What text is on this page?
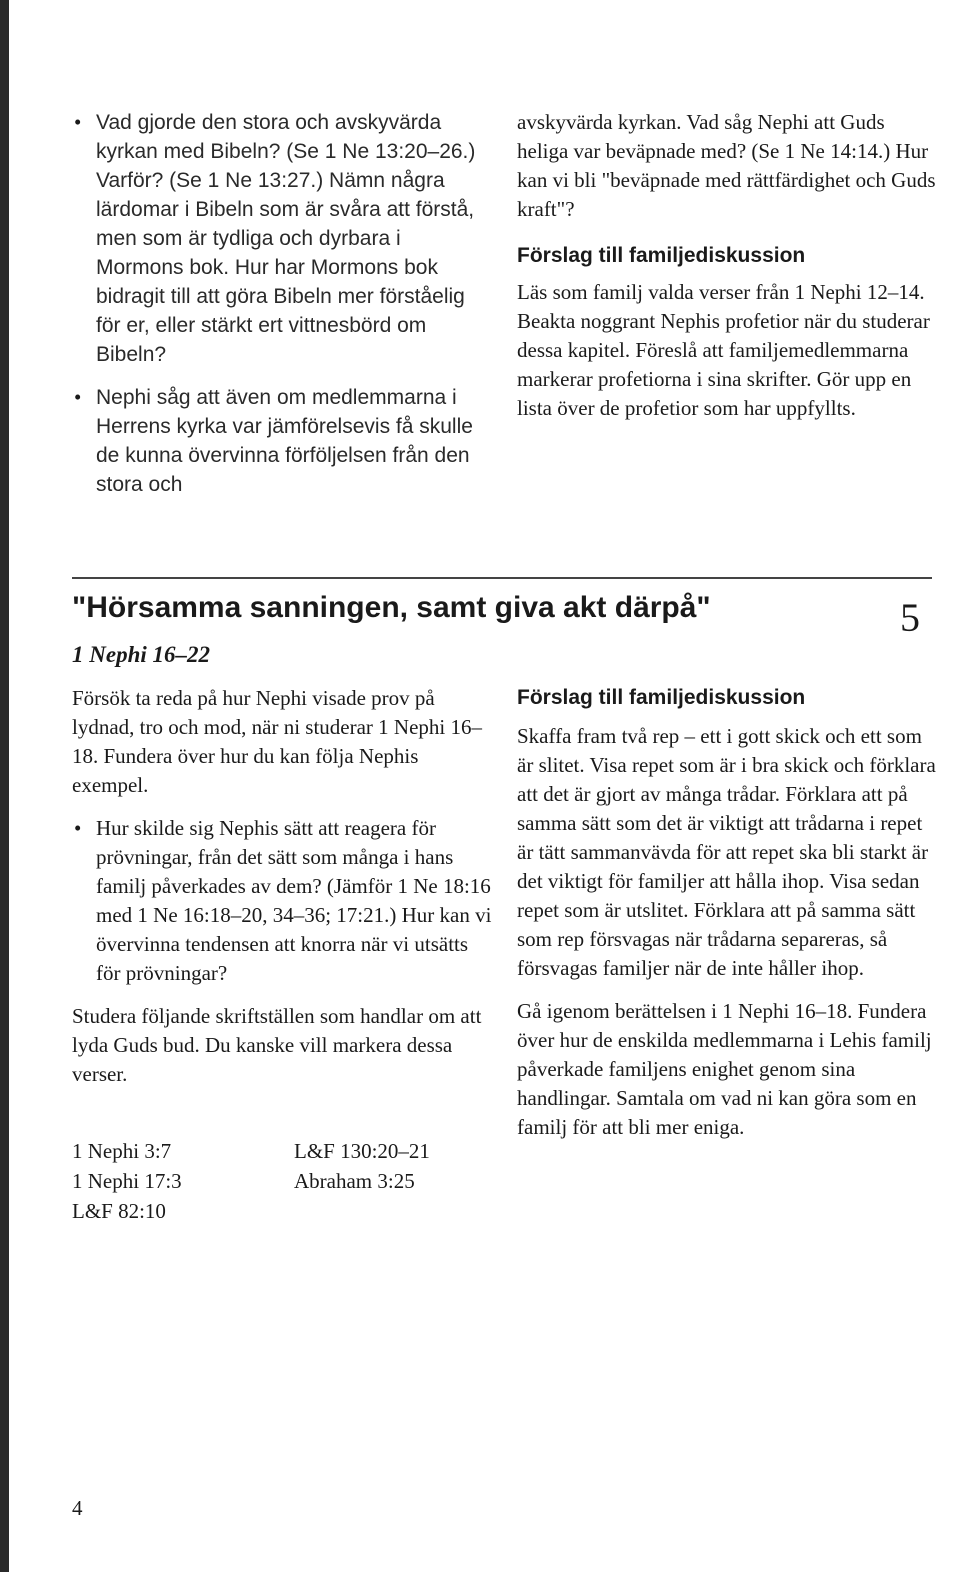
• Vad gjorde den stora och avskyvärda kyrkan med Bibeln? (Se 1 Ne 13:20–26.) Varför? (Se 1 Ne 13:27.) Nämn några lärdomar i Bibeln som är svåra att förstå, men som är tydliga och dyrbara i Mormons bok. Hur har Mormons bok bidragit till att göra Bibeln mer förståelig för er, eller stärkt ert vittnesbörd om Bibeln?
• Nephi såg att även om medlemmarna i Herrens kyrka var jämförelsevis få skulle de kunna övervinna förföljelsen från den stora och

avskyvärda kyrkan. Vad såg Nephi att Guds heliga var beväpnade med? (Se 1 Ne 14:14.) Hur kan vi bli "beväpnade med rättfärdighet och Guds kraft"?

Förslag till familjediskussion

Läs som familj valda verser från 1 Nephi 12–14. Beakta noggrant Nephis profetior när du studerar dessa kapitel. Föreslå att familjemedlemmarna markerar profetiorna i sina skrifter. Gör upp en lista över de profetior som har uppfyllts.

"Hörsamma sanningen, samt giva akt därpå"	5
1 Nephi 16–22

Försök ta reda på hur Nephi visade prov på lydnad, tro och mod, när ni studerar 1 Nephi 16–18. Fundera över hur du kan följa Nephis exempel.

• Hur skilde sig Nephis sätt att reagera för prövningar, från det sätt som många i hans familj påverkades av dem? (Jämför 1 Ne 18:16 med 1 Ne 16:18–20, 34–36; 17:21.) Hur kan vi övervinna tendensen att knorra när vi utsätts för prövningar?

Studera följande skriftställen som handlar om att lyda Guds bud. Du kanske vill markera dessa verser.

1 Nephi 3:7	L&F 130:20–21
1 Nephi 17:3	Abraham 3:25
L&F 82:10
Förslag till familjediskussion

Skaffa fram två rep – ett i gott skick och ett som är slitet. Visa repet som är i bra skick och förklara att det är gjort av många trådar. Förklara att på samma sätt som det är viktigt att trådarna i repet är tätt sammanvävda för att repet ska bli starkt är det viktigt för familjer att hålla ihop. Visa sedan repet som är utslitet. Förklara att på samma sätt som rep försvagas när trådarna separeras, så försvagas familjer när de inte håller ihop.

Gå igenom berättelsen i 1 Nephi 16–18. Fundera över hur de enskilda medlemmarna i Lehis familj påverkade familjens enighet genom sina handlingar. Samtala om vad ni kan göra som en familj för att bli mer eniga.

4
